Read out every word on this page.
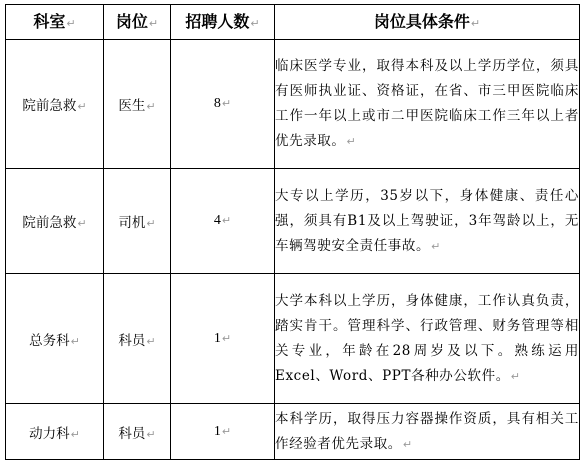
科室↵	岗位↵	招聘人数↵	岗位具体条件↵
院前急救↵	医生↵	8↵	临床医学专业，取得本科及以上学历学位，须具有医师执业证、资格证，在省、市三甲医院临床工作一年以上或市二甲医院临床工作三年以上者优先录取。↵
院前急救↵	司机↵	4↵	大专以上学历，35岁以下，身体健康、责任心强，须具有B1及以上驾驶证，3年驾龄以上，无车辆驾驶安全责任事故。↵
总务科↵	科员↵	1↵	大学本科以上学历，身体健康，工作认真负责，踏实肯干。管理科学、行政管理、财务管理等相关专业，年龄在28周岁及以下。熟练运用Excel、Word、PPT各种办公软件。↵
动力科↵	科员↵	1↵	本科学历，取得压力容器操作资质，具有相关工作经验者优先录取。↵
